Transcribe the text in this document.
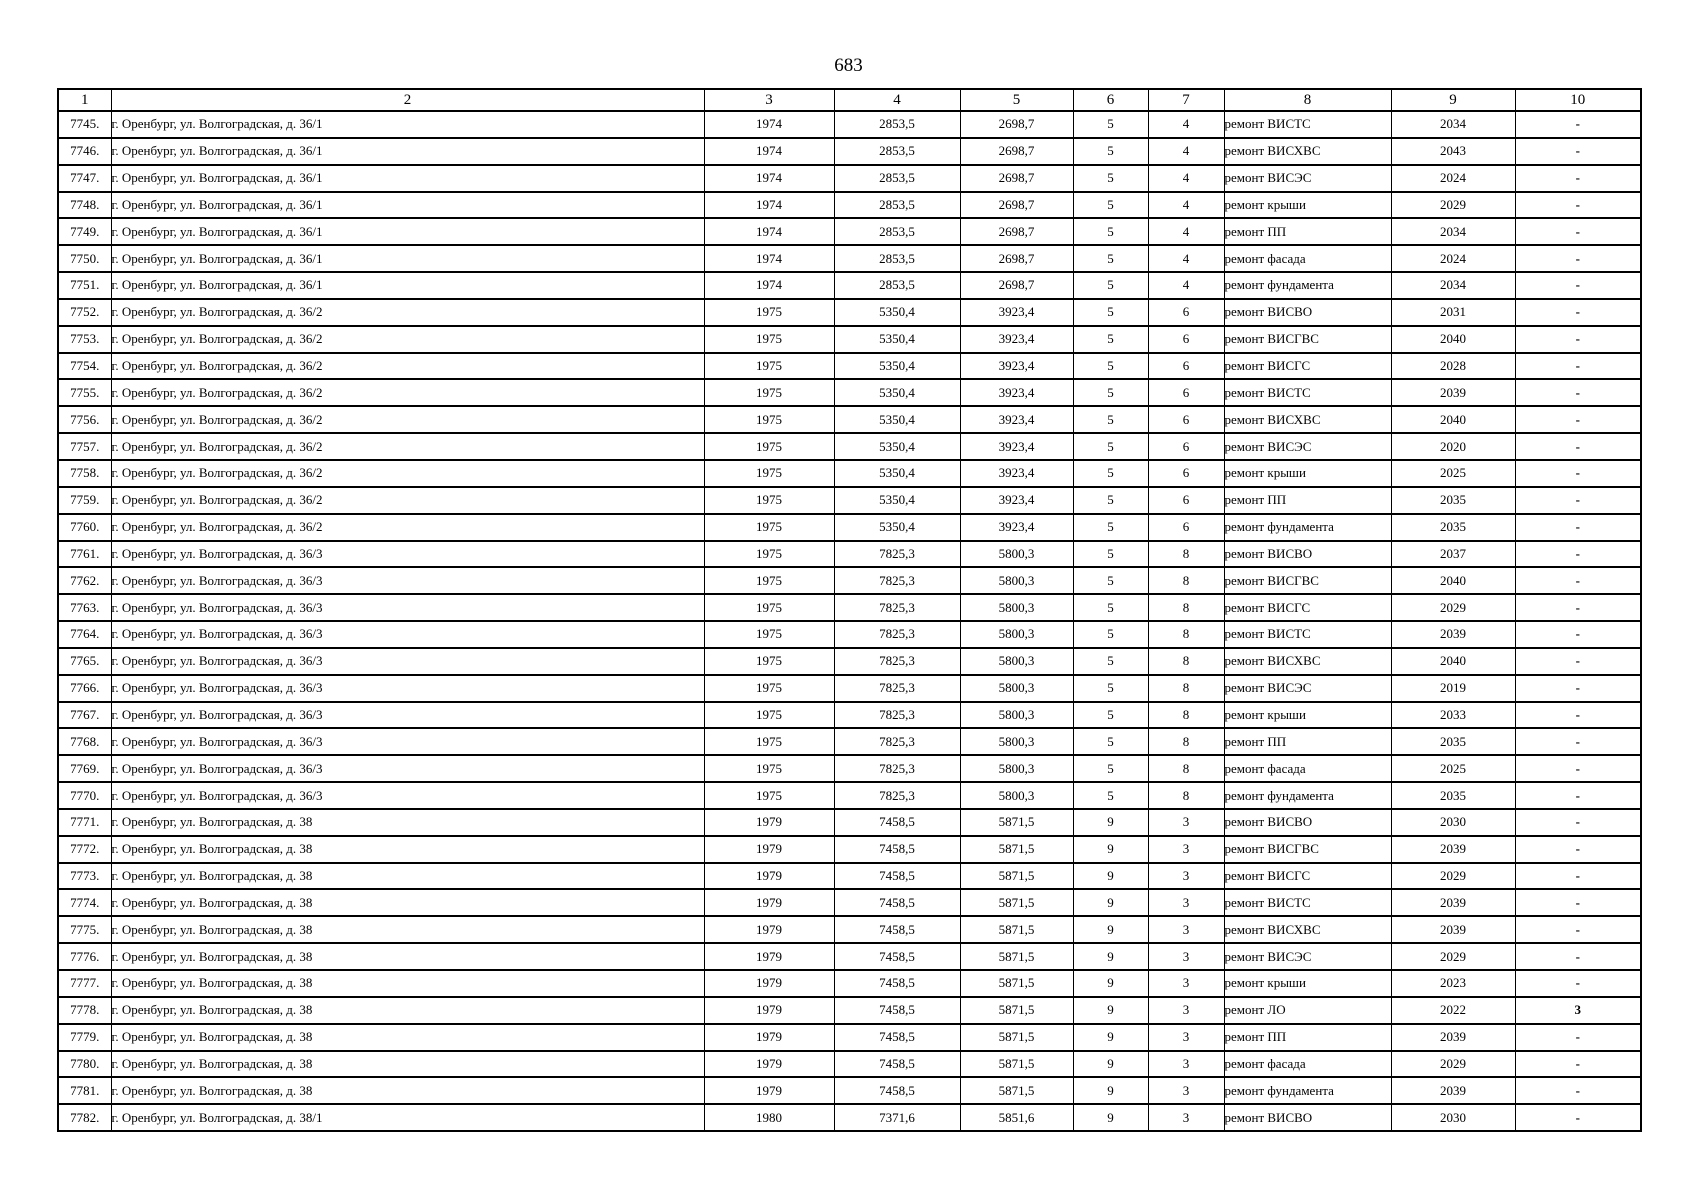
683
1	2	3	4	5	6	7	8	9	10
7745.	г. Оренбург, ул. Волгоградская, д. 36/1	1974	2853,5	2698,7	5	4	ремонт ВИСТС	2034	-
7746.	г. Оренбург, ул. Волгоградская, д. 36/1	1974	2853,5	2698,7	5	4	ремонт ВИСХВС	2043	-
7747.	г. Оренбург, ул. Волгоградская, д. 36/1	1974	2853,5	2698,7	5	4	ремонт ВИСЭС	2024	-
7748.	г. Оренбург, ул. Волгоградская, д. 36/1	1974	2853,5	2698,7	5	4	ремонт крыши	2029	-
7749.	г. Оренбург, ул. Волгоградская, д. 36/1	1974	2853,5	2698,7	5	4	ремонт ПП	2034	-
7750.	г. Оренбург, ул. Волгоградская, д. 36/1	1974	2853,5	2698,7	5	4	ремонт фасада	2024	-
7751.	г. Оренбург, ул. Волгоградская, д. 36/1	1974	2853,5	2698,7	5	4	ремонт фундамента	2034	-
7752.	г. Оренбург, ул. Волгоградская, д. 36/2	1975	5350,4	3923,4	5	6	ремонт ВИСВО	2031	-
7753.	г. Оренбург, ул. Волгоградская, д. 36/2	1975	5350,4	3923,4	5	6	ремонт ВИСГВС	2040	-
7754.	г. Оренбург, ул. Волгоградская, д. 36/2	1975	5350,4	3923,4	5	6	ремонт ВИСГС	2028	-
7755.	г. Оренбург, ул. Волгоградская, д. 36/2	1975	5350,4	3923,4	5	6	ремонт ВИСТС	2039	-
7756.	г. Оренбург, ул. Волгоградская, д. 36/2	1975	5350,4	3923,4	5	6	ремонт ВИСХВС	2040	-
7757.	г. Оренбург, ул. Волгоградская, д. 36/2	1975	5350,4	3923,4	5	6	ремонт ВИСЭС	2020	-
7758.	г. Оренбург, ул. Волгоградская, д. 36/2	1975	5350,4	3923,4	5	6	ремонт крыши	2025	-
7759.	г. Оренбург, ул. Волгоградская, д. 36/2	1975	5350,4	3923,4	5	6	ремонт ПП	2035	-
7760.	г. Оренбург, ул. Волгоградская, д. 36/2	1975	5350,4	3923,4	5	6	ремонт фундамента	2035	-
7761.	г. Оренбург, ул. Волгоградская, д. 36/3	1975	7825,3	5800,3	5	8	ремонт ВИСВО	2037	-
7762.	г. Оренбург, ул. Волгоградская, д. 36/3	1975	7825,3	5800,3	5	8	ремонт ВИСГВС	2040	-
7763.	г. Оренбург, ул. Волгоградская, д. 36/3	1975	7825,3	5800,3	5	8	ремонт ВИСГС	2029	-
7764.	г. Оренбург, ул. Волгоградская, д. 36/3	1975	7825,3	5800,3	5	8	ремонт ВИСТС	2039	-
7765.	г. Оренбург, ул. Волгоградская, д. 36/3	1975	7825,3	5800,3	5	8	ремонт ВИСХВС	2040	-
7766.	г. Оренбург, ул. Волгоградская, д. 36/3	1975	7825,3	5800,3	5	8	ремонт ВИСЭС	2019	-
7767.	г. Оренбург, ул. Волгоградская, д. 36/3	1975	7825,3	5800,3	5	8	ремонт крыши	2033	-
7768.	г. Оренбург, ул. Волгоградская, д. 36/3	1975	7825,3	5800,3	5	8	ремонт ПП	2035	-
7769.	г. Оренбург, ул. Волгоградская, д. 36/3	1975	7825,3	5800,3	5	8	ремонт фасада	2025	-
7770.	г. Оренбург, ул. Волгоградская, д. 36/3	1975	7825,3	5800,3	5	8	ремонт фундамента	2035	-
7771.	г. Оренбург, ул. Волгоградская, д. 38	1979	7458,5	5871,5	9	3	ремонт ВИСВО	2030	-
7772.	г. Оренбург, ул. Волгоградская, д. 38	1979	7458,5	5871,5	9	3	ремонт ВИСГВС	2039	-
7773.	г. Оренбург, ул. Волгоградская, д. 38	1979	7458,5	5871,5	9	3	ремонт ВИСГС	2029	-
7774.	г. Оренбург, ул. Волгоградская, д. 38	1979	7458,5	5871,5	9	3	ремонт ВИСТС	2039	-
7775.	г. Оренбург, ул. Волгоградская, д. 38	1979	7458,5	5871,5	9	3	ремонт ВИСХВС	2039	-
7776.	г. Оренбург, ул. Волгоградская, д. 38	1979	7458,5	5871,5	9	3	ремонт ВИСЭС	2029	-
7777.	г. Оренбург, ул. Волгоградская, д. 38	1979	7458,5	5871,5	9	3	ремонт крыши	2023	-
7778.	г. Оренбург, ул. Волгоградская, д. 38	1979	7458,5	5871,5	9	3	ремонт ЛО	2022	3
7779.	г. Оренбург, ул. Волгоградская, д. 38	1979	7458,5	5871,5	9	3	ремонт ПП	2039	-
7780.	г. Оренбург, ул. Волгоградская, д. 38	1979	7458,5	5871,5	9	3	ремонт фасада	2029	-
7781.	г. Оренбург, ул. Волгоградская, д. 38	1979	7458,5	5871,5	9	3	ремонт фундамента	2039	-
7782.	г. Оренбург, ул. Волгоградская, д. 38/1	1980	7371,6	5851,6	9	3	ремонт ВИСВО	2030	-
